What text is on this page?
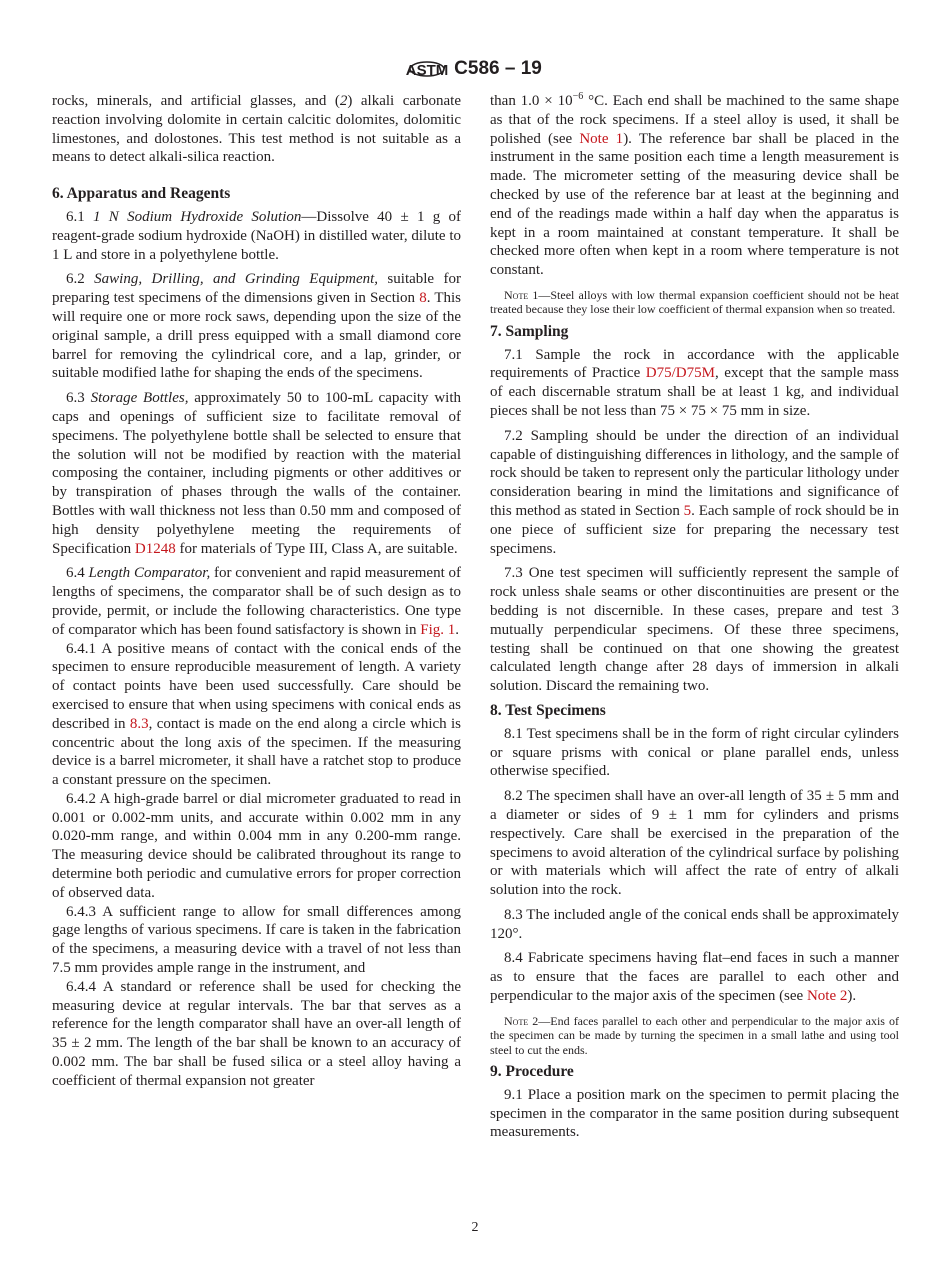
ASTM C586 – 19

rocks, minerals, and artificial glasses, and (2) alkali carbonate reaction involving dolomite in certain calcitic dolomites, dolomitic limestones, and dolostones. This test method is not suitable as a means to detect alkali-silica reaction.

6. Apparatus and Reagents

6.1 1 N Sodium Hydroxide Solution—Dissolve 40 ± 1 g of reagent-grade sodium hydroxide (NaOH) in distilled water, dilute to 1 L and store in a polyethylene bottle.

6.2 Sawing, Drilling, and Grinding Equipment, suitable for preparing test specimens of the dimensions given in Section 8. This will require one or more rock saws, depending upon the size of the original sample, a drill press equipped with a small diamond core barrel for removing the cylindrical core, and a lap, grinder, or suitable modified lathe for shaping the ends of the specimens.

6.3 Storage Bottles, approximately 50 to 100-mL capacity with caps and openings of sufficient size to facilitate removal of specimens. The polyethylene bottle shall be selected to ensure that the solution will not be modified by reaction with the material composing the container, including pigments or other additives or by transpiration of phases through the walls of the container. Bottles with wall thickness not less than 0.50 mm and composed of high density polyethylene meeting the requirements of Specification D1248 for materials of Type III, Class A, are suitable.

6.4 Length Comparator, for convenient and rapid measurement of lengths of specimens, the comparator shall be of such design as to provide, permit, or include the following characteristics. One type of comparator which has been found satisfactory is shown in Fig. 1.

6.4.1 A positive means of contact with the conical ends of the specimen to ensure reproducible measurement of length. A variety of contact points have been used successfully. Care should be exercised to ensure that when using specimens with conical ends as described in 8.3, contact is made on the end along a circle which is concentric about the long axis of the specimen. If the measuring device is a barrel micrometer, it shall have a ratchet stop to produce a constant pressure on the specimen.

6.4.2 A high-grade barrel or dial micrometer graduated to read in 0.001 or 0.002-mm units, and accurate within 0.002 mm in any 0.020-mm range, and within 0.004 mm in any 0.200-mm range. The measuring device should be calibrated throughout its range to determine both periodic and cumulative errors for proper correction of observed data.

6.4.3 A sufficient range to allow for small differences among gage lengths of various specimens. If care is taken in the fabrication of the specimens, a measuring device with a travel of not less than 7.5 mm provides ample range in the instrument, and

6.4.4 A standard or reference shall be used for checking the measuring device at regular intervals. The bar that serves as a reference for the length comparator shall have an over-all length of 35 ± 2 mm. The length of the bar shall be known to an accuracy of 0.002 mm. The bar shall be fused silica or a steel alloy having a coefficient of thermal expansion not greater

than $1.0 \times 10^{-6}$ °C. Each end shall be machined to the same shape as that of the rock specimens. If a steel alloy is used, it shall be polished (see Note 1). The reference bar shall be placed in the instrument in the same position each time a length measurement is made. The micrometer setting of the measuring device shall be checked by use of the reference bar at least at the beginning and end of the readings made within a half day when the apparatus is kept in a room maintained at constant temperature. It shall be checked more often when kept in a room where temperature is not constant.

Note 1—Steel alloys with low thermal expansion coefficient should not be heat treated because they lose their low coefficient of thermal expansion when so treated.

7. Sampling

7.1 Sample the rock in accordance with the applicable requirements of Practice D75/D75M, except that the sample mass of each discernable stratum shall be at least 1 kg, and individual pieces shall be not less than 75 × 75 × 75 mm in size.

7.2 Sampling should be under the direction of an individual capable of distinguishing differences in lithology, and the sample of rock should be taken to represent only the particular lithology under consideration bearing in mind the limitations and significance of this method as stated in Section 5. Each sample of rock should be in one piece of sufficient size for preparing the necessary test specimens.

7.3 One test specimen will sufficiently represent the sample of rock unless shale seams or other discontinuities are present or the bedding is not discernible. In these cases, prepare and test 3 mutually perpendicular specimens. Of these three specimens, testing shall be continued on that one showing the greatest calculated length change after 28 days of immersion in alkali solution. Discard the remaining two.

8. Test Specimens

8.1 Test specimens shall be in the form of right circular cylinders or square prisms with conical or plane parallel ends, unless otherwise specified.

8.2 The specimen shall have an over-all length of 35 ± 5 mm and a diameter or sides of 9 ± 1 mm for cylinders and prisms respectively. Care shall be exercised in the preparation of the specimens to avoid alteration of the cylindrical surface by polishing or with materials which will affect the rate of entry of alkali solution into the rock.

8.3 The included angle of the conical ends shall be approximately 120°.

8.4 Fabricate specimens having flat–end faces in such a manner as to ensure that the faces are parallel to each other and perpendicular to the major axis of the specimen (see Note 2).

Note 2—End faces parallel to each other and perpendicular to the major axis of the specimen can be made by turning the specimen in a small lathe and using tool steel to cut the ends.

9. Procedure

9.1 Place a position mark on the specimen to permit placing the specimen in the comparator in the same position during subsequent measurements.

2
